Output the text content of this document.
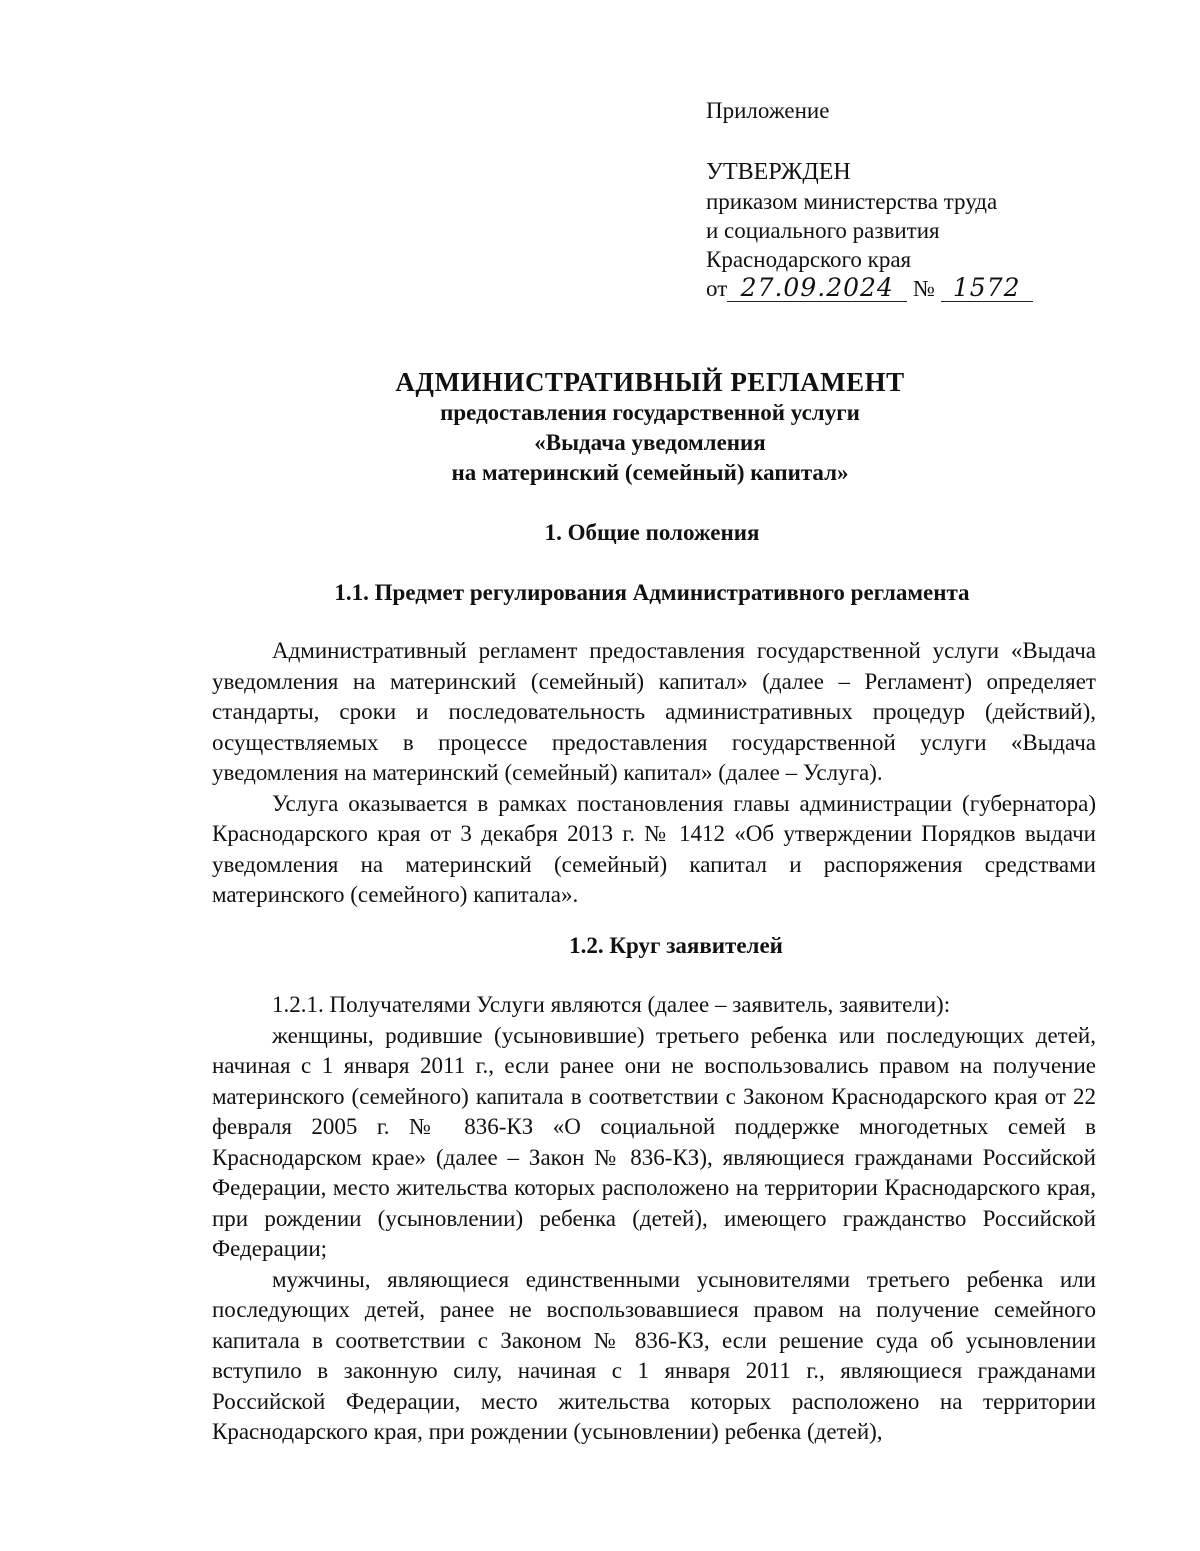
Приложение
УТВЕРЖДЕН
приказом министерства труда
и социального развития
Краснодарского края
от 27.09.2024 № 1572
АДМИНИСТРАТИВНЫЙ РЕГЛАМЕНТ
предоставления государственной услуги
«Выдача уведомления
на материнский (семейный) капитал»
1. Общие положения
1.1. Предмет регулирования Административного регламента

Административный регламент предоставления государственной услуги «Выдача уведомления на материнский (семейный) капитал» (далее – Регламент) определяет стандарты, сроки и последовательность административных процедур (действий), осуществляемых в процессе предоставления государственной услуги «Выдача уведомления на материнский (семейный) капитал» (далее – Услуга).

Услуга оказывается в рамках постановления главы администрации (губернатора) Краснодарского края от 3 декабря 2013 г. № 1412 «Об утверждении Порядков выдачи уведомления на материнский (семейный) капитал и распоряжения средствами материнского (семейного) капитала».

1.2. Круг заявителей

1.2.1. Получателями Услуги являются (далее – заявитель, заявители):

женщины, родившие (усыновившие) третьего ребенка или последующих детей, начиная с 1 января 2011 г., если ранее они не воспользовались правом на получение материнского (семейного) капитала в соответствии с Законом Краснодарского края от 22 февраля 2005 г. № 836-КЗ «О социальной поддержке многодетных семей в Краснодарском крае» (далее – Закон № 836-КЗ), являющиеся гражданами Российской Федерации, место жительства которых расположено на территории Краснодарского края, при рождении (усыновлении) ребенка (детей), имеющего гражданство Российской Федерации;

мужчины, являющиеся единственными усыновителями третьего ребенка или последующих детей, ранее не воспользовавшиеся правом на получение семейного капитала в соответствии с Законом № 836-КЗ, если решение суда об усыновлении вступило в законную силу, начиная с 1 января 2011 г., являющиеся гражданами Российской Федерации, место жительства которых расположено на территории Краснодарского края, при рождении (усыновлении) ребенка (детей),
